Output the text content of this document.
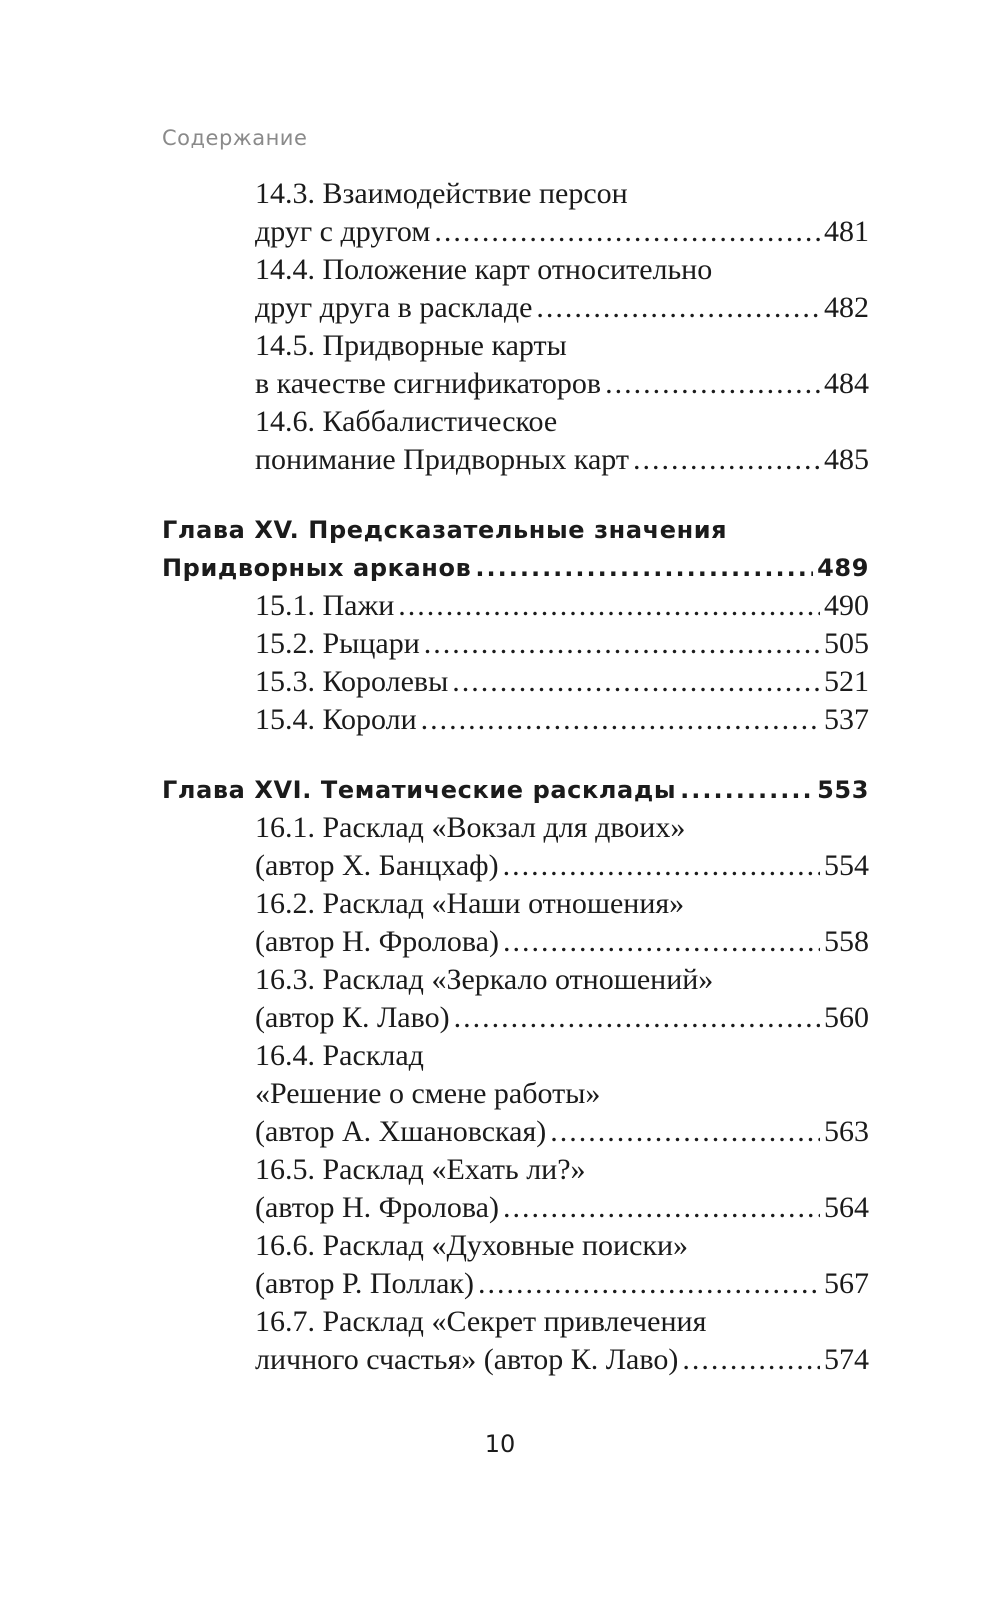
Содержание
14.3. Взаимодействие персон
друг с другом .....	481
14.4. Положение карт относительно
друг друга в раскладе .....	482
14.5. Придворные карты
в качестве сигнификаторов .....	484
14.6. Каббалистическое
понимание Придворных карт .....	485
Глава XV. Предсказательные значения
Придворных арканов .....	489
15.1. Пажи .....	490
15.2. Рыцари .....	505
15.3. Королевы .....	521
15.4. Короли .....	537
Глава XVI. Тематические расклады .....	553
16.1. Расклад «Вокзал для двоих»
(автор Х. Банцхаф) .....	554
16.2. Расклад «Наши отношения»
(автор Н. Фролова) .....	558
16.3. Расклад «Зеркало отношений»
(автор К. Лаво) .....	560
16.4. Расклад
«Решение о смене работы»
(автор А. Хшановская) .....	563
16.5. Расклад «Ехать ли?»
(автор Н. Фролова) .....	564
16.6. Расклад «Духовные поиски»
(автор Р. Поллак) .....	567
16.7. Расклад «Секрет привлечения
личного счастья» (автор К. Лаво) .....	574
10
